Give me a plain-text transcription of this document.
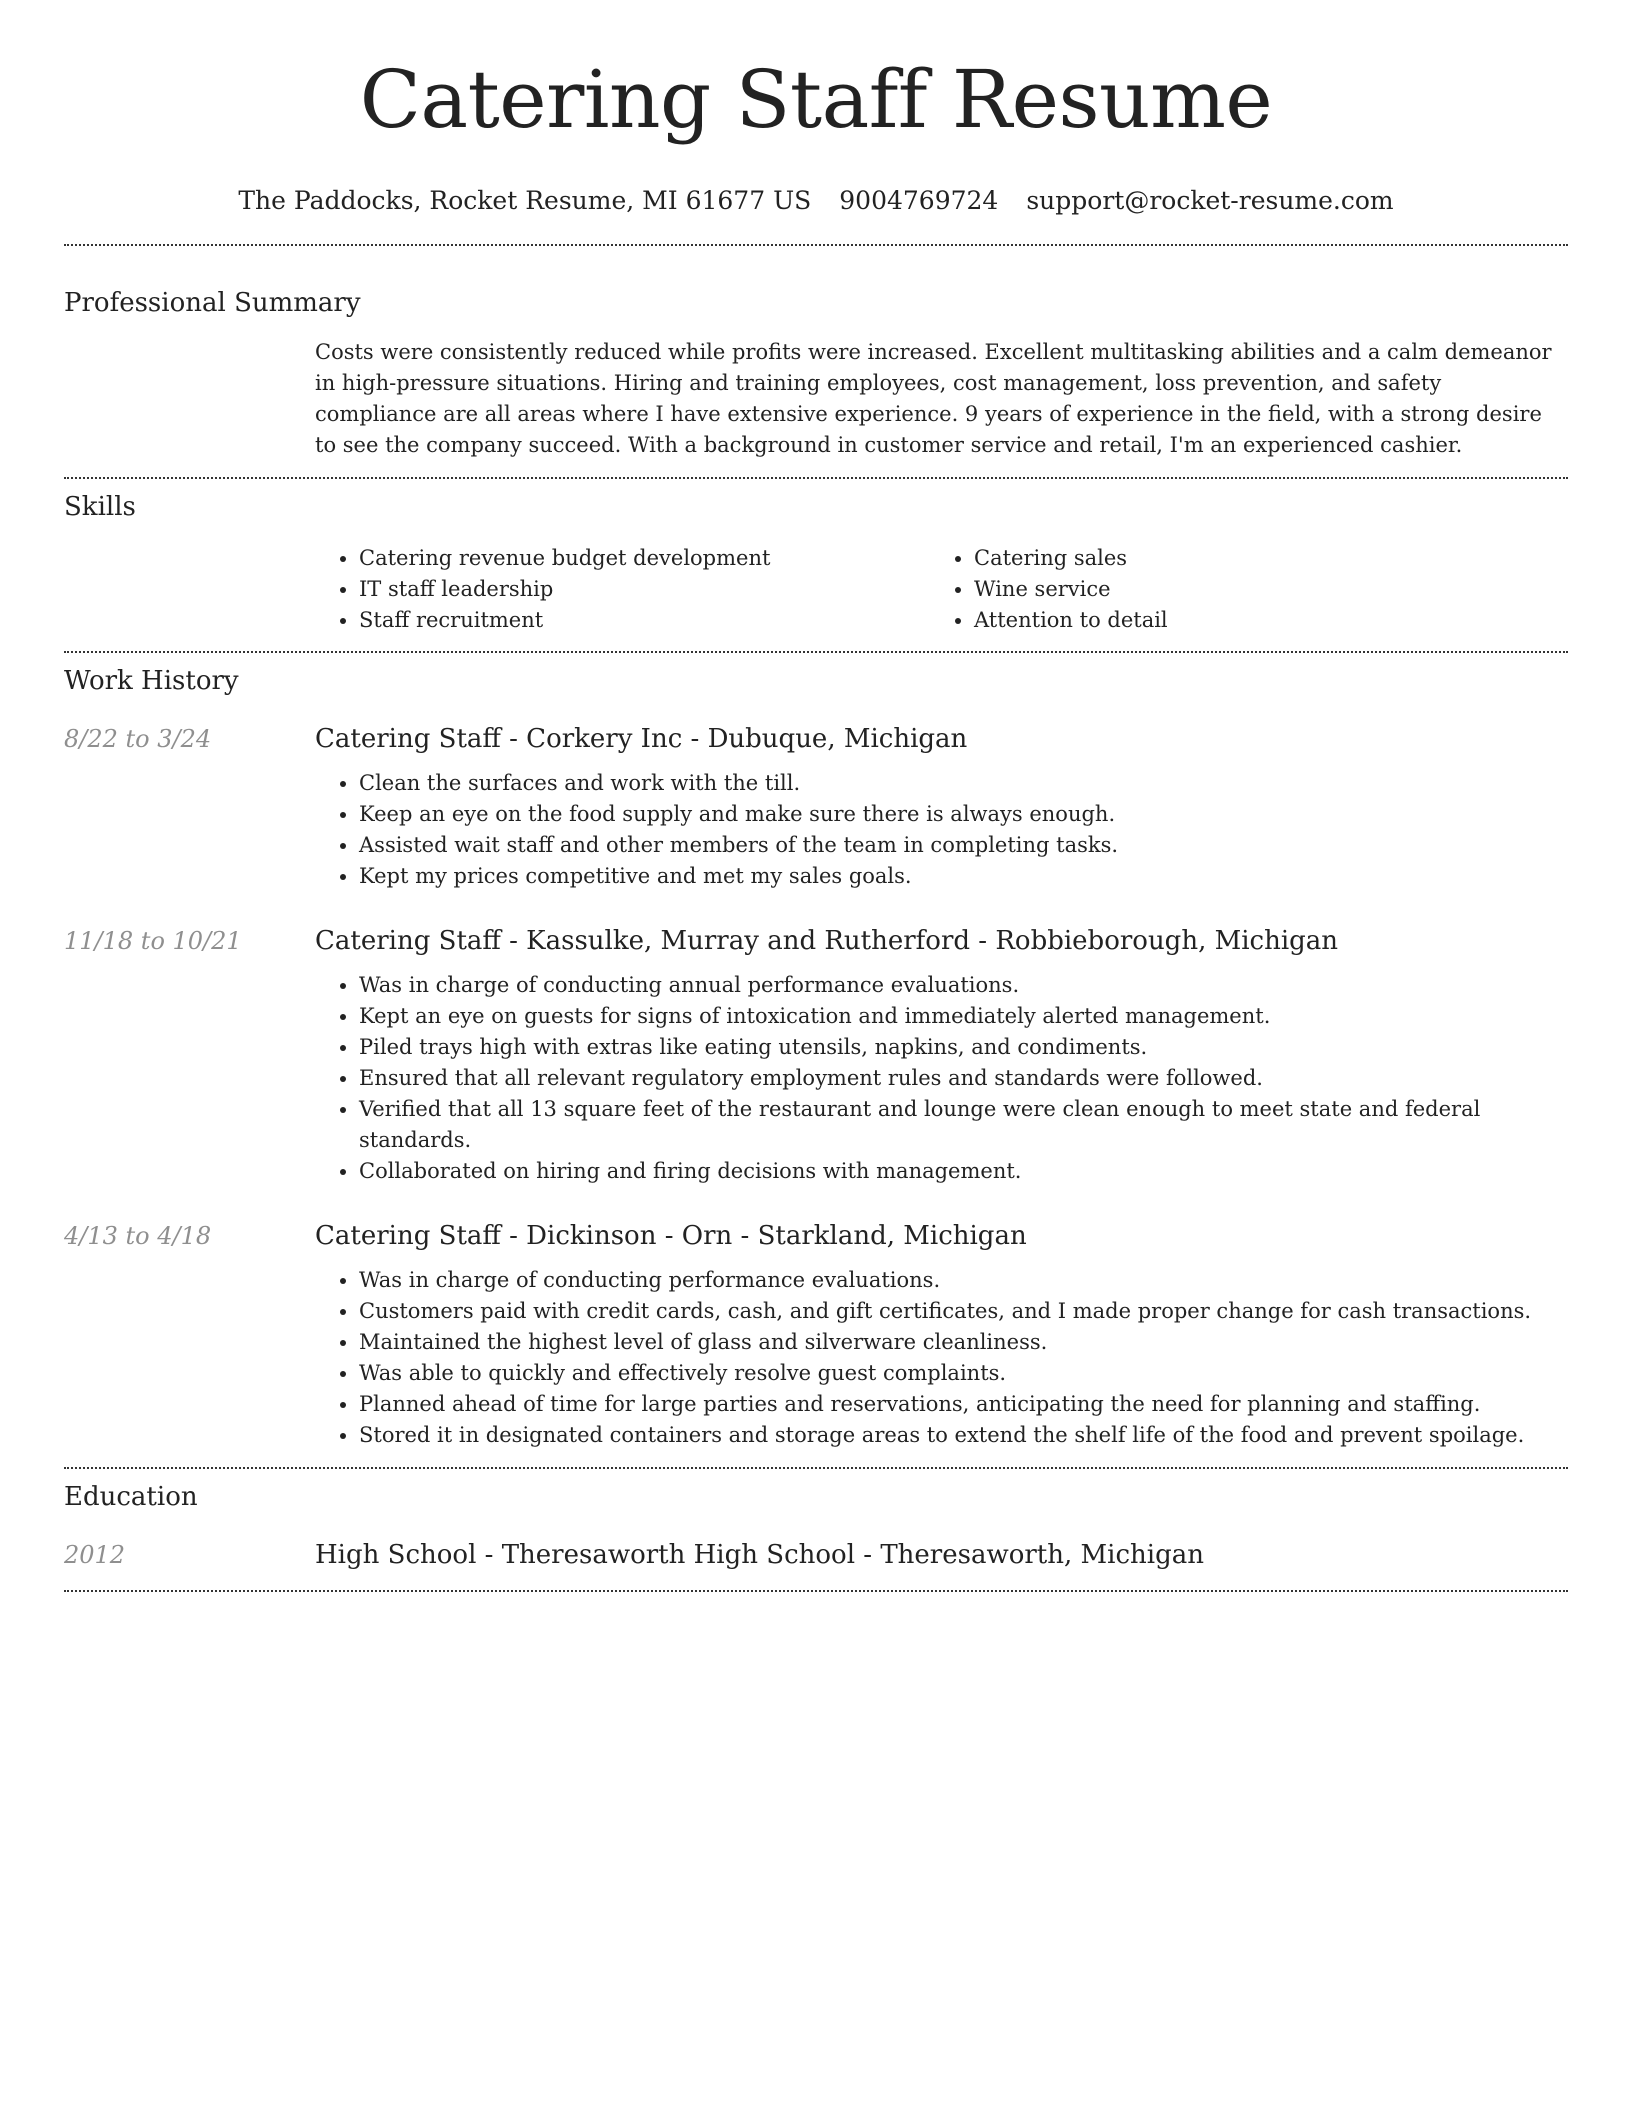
Catering Staff Resume
The Paddocks, Rocket Resume, MI 61677 US 9004769724 support@rocket-resume.com
Professional Summary
Costs were consistently reduced while profits were increased. Excellent multitasking abilities and a calm demeanor in high-pressure situations. Hiring and training employees, cost management, loss prevention, and safety compliance are all areas where I have extensive experience. 9 years of experience in the field, with a strong desire to see the company succeed. With a background in customer service and retail, I'm an experienced cashier.
Skills
• Catering revenue budget development
• IT staff leadership
• Staff recruitment
• Catering sales
• Wine service
• Attention to detail
Work History
8/22 to 3/24	Catering Staff - Corkery Inc - Dubuque, Michigan
• Clean the surfaces and work with the till.
• Keep an eye on the food supply and make sure there is always enough.
• Assisted wait staff and other members of the team in completing tasks.
• Kept my prices competitive and met my sales goals.
11/18 to 10/21	Catering Staff - Kassulke, Murray and Rutherford - Robbieborough, Michigan
• Was in charge of conducting annual performance evaluations.
• Kept an eye on guests for signs of intoxication and immediately alerted management.
• Piled trays high with extras like eating utensils, napkins, and condiments.
• Ensured that all relevant regulatory employment rules and standards were followed.
• Verified that all 13 square feet of the restaurant and lounge were clean enough to meet state and federal standards.
• Collaborated on hiring and firing decisions with management.
4/13 to 4/18	Catering Staff - Dickinson - Orn - Starkland, Michigan
• Was in charge of conducting performance evaluations.
• Customers paid with credit cards, cash, and gift certificates, and I made proper change for cash transactions.
• Maintained the highest level of glass and silverware cleanliness.
• Was able to quickly and effectively resolve guest complaints.
• Planned ahead of time for large parties and reservations, anticipating the need for planning and staffing.
• Stored it in designated containers and storage areas to extend the shelf life of the food and prevent spoilage.
Education
2012	High School - Theresaworth High School - Theresaworth, Michigan
